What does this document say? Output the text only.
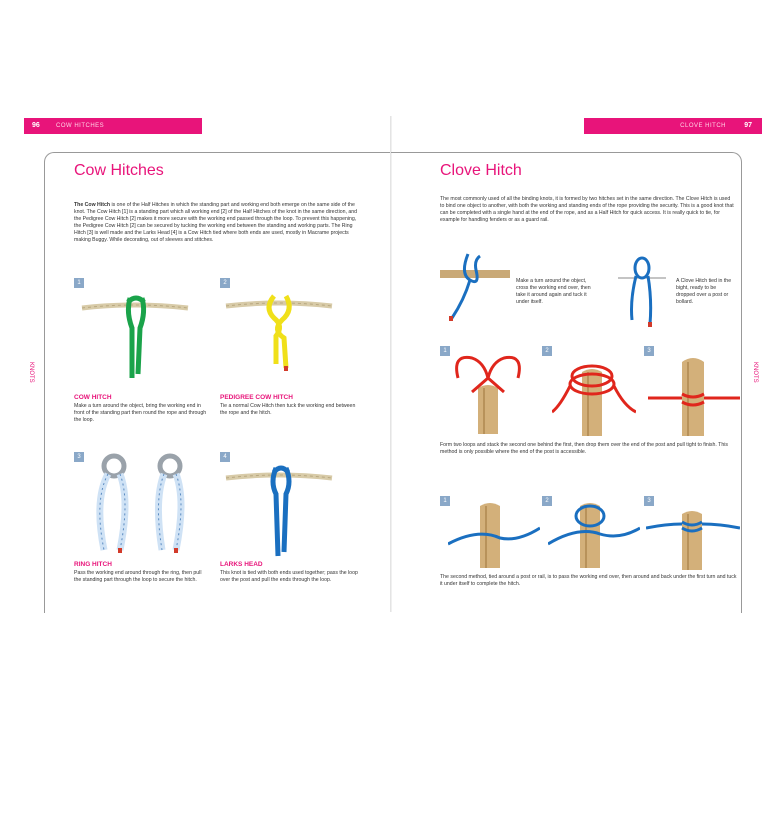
96	COW HITCHES
KNOTS
Cow Hitches
The Cow Hitch is one of the Half Hitches in which the standing part and working end both emerge on the same side of the knot. The Cow Hitch [1] is a standing part which all working end [2] of the Half Hitches of the knot in the same direction, and the Pedigree Cow Hitch [2] makes it more secure with the working end passed through the loop. To prevent this happening, the Pedigree Cow Hitch [2] can be secured by tucking the working end between the standing and working parts. The Ring Hitch [3] is well made and the Larks Head [4] is a Cow Hitch tied where both ends are used, mostly in Macrame projects making Buggy. While decorating, out of sleeves and stitches.
1
COW HITCH
Make a turn around the object, bring the working end in front of the standing part then round the rope and through the loop.
2
PEDIGREE COW HITCH
Tie a normal Cow Hitch then tuck the working end between the rope and the hitch.
3
RING HITCH
Pass the working end around through the ring, then pull the standing part through the loop to secure the hitch.
4
LARKS HEAD
This knot is tied with both ends used together; pass the loop over the post and pull the ends through the loop.
CLOVE HITCH	97
KNOTS
Clove Hitch
The most commonly used of all the binding knots, it is formed by two hitches set in the same direction. The Clove Hitch is used to bind one object to another, with both the working and standing ends of the rope providing the security. This is a good knot that can be completed with a single hand at the end of the rope, and as a Half Hitch for quick access. It is really quick to tie, for example for handling fenders or as a guard rail.
Make a turn around the object, cross the working end over, then take it around again and tuck it under itself.
A Clove Hitch tied in the bight, ready to be dropped over a post or bollard.
1	2	3
Form two loops and stack the second one behind the first, then drop them over the end of the post and pull tight to finish. This method is only possible where the end of the post is accessible.
1	2	3
The second method, tied around a post or rail, is to pass the working end over, then around and back under the first turn and tuck it under itself to complete the hitch.
